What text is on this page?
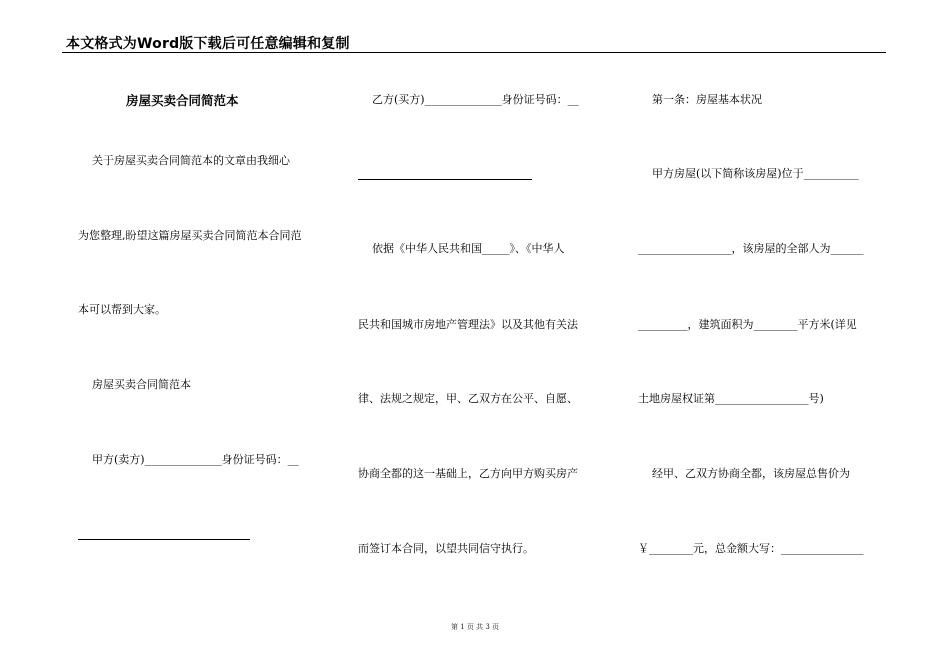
本文格式为Word版下载后可任意编辑和复制
房屋买卖合同简范本
关于房屋买卖合同简范本的文章由我细心
为您整理,盼望这篇房屋买卖合同简范本合同范
本可以帮到大家。
房屋买卖合同简范本
甲方(卖方)______________身份证号码：__
乙方(买方)______________身份证号码：__
依据《中华人民共和国_____》、《中华人
民共和国城市房地产管理法》以及其他有关法
律、法规之规定，甲、乙双方在公平、自愿、
协商全都的这一基础上，乙方向甲方购买房产
而签订本合同，以望共同信守执行。
第一条：房屋基本状况
甲方房屋(以下简称该房屋)位于__________
_________________，该房屋的全部人为______
_________，建筑面积为________平方米(详见
土地房屋权证第_________________号)
经甲、乙双方协商全都，该房屋总售价为
￥________元，总金额大写：_______________
第 1 页 共 3 页
